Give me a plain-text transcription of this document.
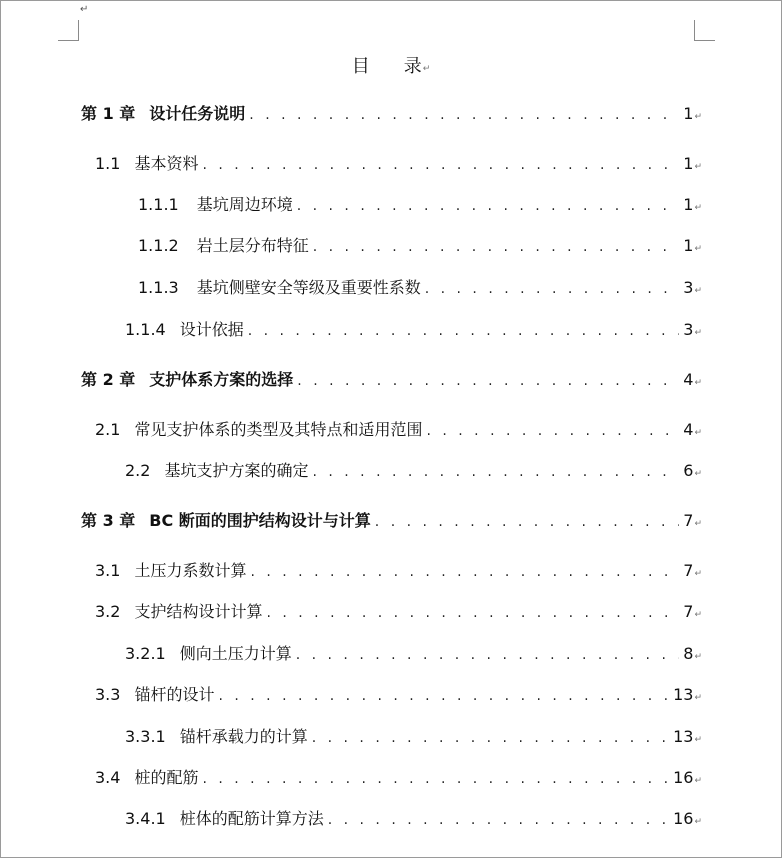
↵
目 录↵
第 1 章 设计任务说明 . . .	1 ↵
1.1 基本资料 . . .	1 ↵
1.1.1 基坑周边环境 . . .	1 ↵
1.1.2 岩土层分布特征 . . .	1 ↵
1.1.3 基坑侧壁安全等级及重要性系数 . . .	3 ↵
1.1.4 设计依据 . . .	3 ↵
第 2 章 支护体系方案的选择 . . .	4 ↵
2.1 常见支护体系的类型及其特点和适用范围 . . .	4 ↵
2.2 基坑支护方案的确定 . . .	6 ↵
第 3 章 BC 断面的围护结构设计与计算 . . .	7 ↵
3.1 土压力系数计算 . . .	7 ↵
3.2 支护结构设计计算 . . .	7 ↵
3.2.1 侧向土压力计算 . . .	8 ↵
3.3 锚杆的设计 . . .	13 ↵
3.3.1 锚杆承载力的计算 . . .	13 ↵
3.4 桩的配筋 . . .	16 ↵
3.4.1 桩体的配筋计算方法 . . .	16 ↵
